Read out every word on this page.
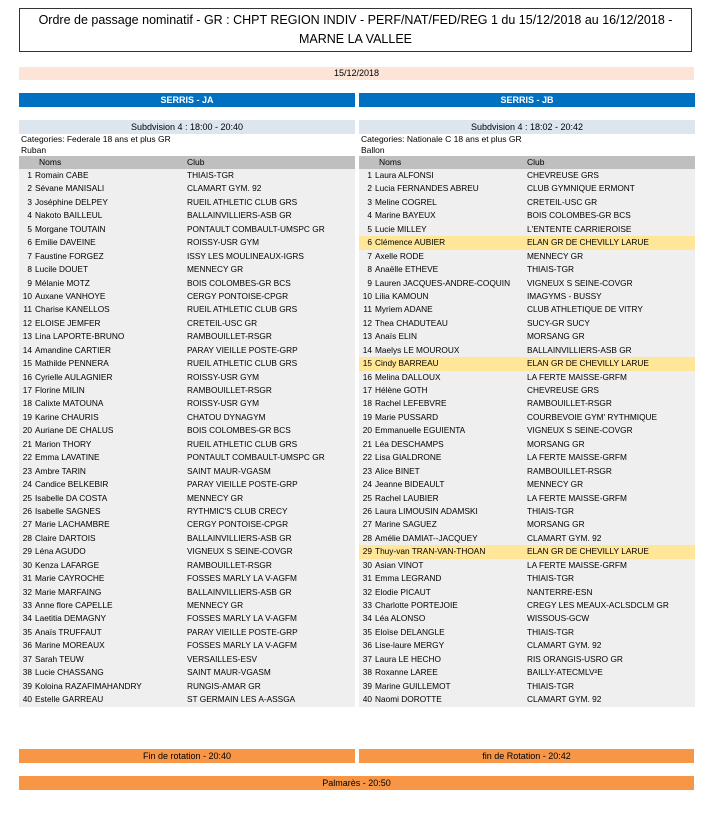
Ordre de passage nominatif - GR : CHPT REGION INDIV - PERF/NAT/FED/REG 1 du 15/12/2018 au 16/12/2018 - MARNE LA VALLEE
15/12/2018
SERRIS - JA
Subdvision 4 : 18:00 - 20:40
Categories: Federale 18 ans et plus GR
Ruban
Noms	Club
1 Romain CABE	THIAIS-TGR
2 Sévane MANISALI	CLAMART GYM. 92
3 Joséphine DELPEY	RUEIL ATHLETIC CLUB GRS
4 Nakoto BAILLEUL	BALLAINVILLIERS-ASB GR
5 Morgane TOUTAIN	PONTAULT COMBAULT-UMSPC GR
6 Emilie DAVEINE	ROISSY-USR GYM
7 Faustine FORGEZ	ISSY LES MOULINEAUX-IGRS
8 Lucile DOUET	MENNECY GR
9 Mélanie MOTZ	BOIS COLOMBES-GR BCS
10 Auxane VANHOYE	CERGY PONTOISE-CPGR
11 Charise KANELLOS	RUEIL ATHLETIC CLUB GRS
12 ELOISE JEMFER	CRETEIL-USC GR
13 Lina LAPORTE-BRUNO	RAMBOUILLET-RSGR
14 Amandine CARTIER	PARAY VIEILLE POSTE-GRP
15 Mathilde PENNERA	RUEIL ATHLETIC CLUB GRS
16 Cyrielle AULAGNIER	ROISSY-USR GYM
17 Florine MILIN	RAMBOUILLET-RSGR
18 Calixte MATOUNA	ROISSY-USR GYM
19 Karine CHAURIS	CHATOU DYNAGYM
20 Auriane DE CHALUS	BOIS COLOMBES-GR BCS
21 Marion THORY	RUEIL ATHLETIC CLUB GRS
22 Emma LAVATINE	PONTAULT COMBAULT-UMSPC GR
23 Ambre TARIN	SAINT MAUR-VGASM
24 Candice BELKEBIR	PARAY VIEILLE POSTE-GRP
25 Isabelle DA COSTA	MENNECY GR
26 Isabelle SAGNES	RYTHMIC'S CLUB CRECY
27 Marie LACHAMBRE	CERGY PONTOISE-CPGR
28 Claire DARTOIS	BALLAINVILLIERS-ASB GR
29 Léna AGUDO	VIGNEUX S SEINE-COVGR
30 Kenza LAFARGE	RAMBOUILLET-RSGR
31 Marie CAYROCHE	FOSSES MARLY LA V-AGFM
32 Marie MARFAING	BALLAINVILLIERS-ASB GR
33 Anne flore CAPELLE	MENNECY GR
34 Laetitia DEMAGNY	FOSSES MARLY LA V-AGFM
35 Anaïs TRUFFAUT	PARAY VIEILLE POSTE-GRP
36 Marine MOREAUX	FOSSES MARLY LA V-AGFM
37 Sarah TEUW	VERSAILLES-ESV
38 Lucie CHASSANG	SAINT MAUR-VGASM
39 Koloina RAZAFIMAHANDRY	RUNGIS-AMAR GR
40 Estelle GARREAU	ST GERMAIN LES A-ASSGA
SERRIS - JB
Subdvision 4 : 18:02 - 20:42
Categories: Nationale C 18 ans et plus GR
Ballon
Noms	Club
1 Laura ALFONSI	CHEVREUSE GRS
2 Lucia FERNANDES ABREU	CLUB GYMNIQUE ERMONT
3 Meline COGREL	CRETEIL-USC GR
4 Marine BAYEUX	BOIS COLOMBES-GR BCS
5 Lucie MILLEY	L'ENTENTE CARRIEROISE
6 Clémence AUBIER	ELAN GR DE CHEVILLY LARUE
7 Axelle RODE	MENNECY GR
8 Anaëlle ETHEVE	THIAIS-TGR
9 Lauren JACQUES-ANDRE-COQUIN	VIGNEUX S SEINE-COVGR
10 Lilia KAMOUN	IMAGYMS - BUSSY
11 Myriem ADANE	CLUB ATHLETIQUE DE VITRY
12 Thea CHADUTEAU	SUCY-GR SUCY
13 Anaïs ELIN	MORSANG GR
14 Maelys LE MOUROUX	BALLAINVILLIERS-ASB GR
15 Cindy BARREAU	ELAN GR DE CHEVILLY LARUE
16 Melina DALLOUX	LA FERTE MAISSE-GRFM
17 Hélène GOTH	CHEVREUSE GRS
18 Rachel LEFEBVRE	RAMBOUILLET-RSGR
19 Marie PUSSARD	COURBEVOIE GYM' RYTHMIQUE
20 Emmanuelle EGUIENTA	VIGNEUX S SEINE-COVGR
21 Léa DESCHAMPS	MORSANG GR
22 Lisa GIALDRONE	LA FERTE MAISSE-GRFM
23 Alice BINET	RAMBOUILLET-RSGR
24 Jeanne BIDEAULT	MENNECY GR
25 Rachel LAUBIER	LA FERTE MAISSE-GRFM
26 Laura LIMOUSIN ADAMSKI	THIAIS-TGR
27 Marine SAGUEZ	MORSANG GR
28 Amélie DAMIAT--JACQUEY	CLAMART GYM. 92
29 Thuy-van TRAN-VAN-THOAN	ELAN GR DE CHEVILLY LARUE
30 Asian VINOT	LA FERTE MAISSE-GRFM
31 Emma LEGRAND	THIAIS-TGR
32 Elodie PICAUT	NANTERRE-ESN
33 Charlotte PORTEJOIE	CREGY LES MEAUX-ACLSDCLM GR
34 Léa ALONSO	WISSOUS-GCW
35 Eloïse DELANGLE	THIAIS-TGR
36 Lise-laure MERGY	CLAMART GYM. 92
37 Laura LE HECHO	RIS ORANGIS-USRO GR
38 Roxanne LAREE	BAILLY-ATECMLV²E
39 Marine GUILLEMOT	THIAIS-TGR
40 Naomi DOROTTE	CLAMART GYM. 92
Fin de rotation - 20:40	fin de Rotation - 20:42
Palmarès - 20:50
